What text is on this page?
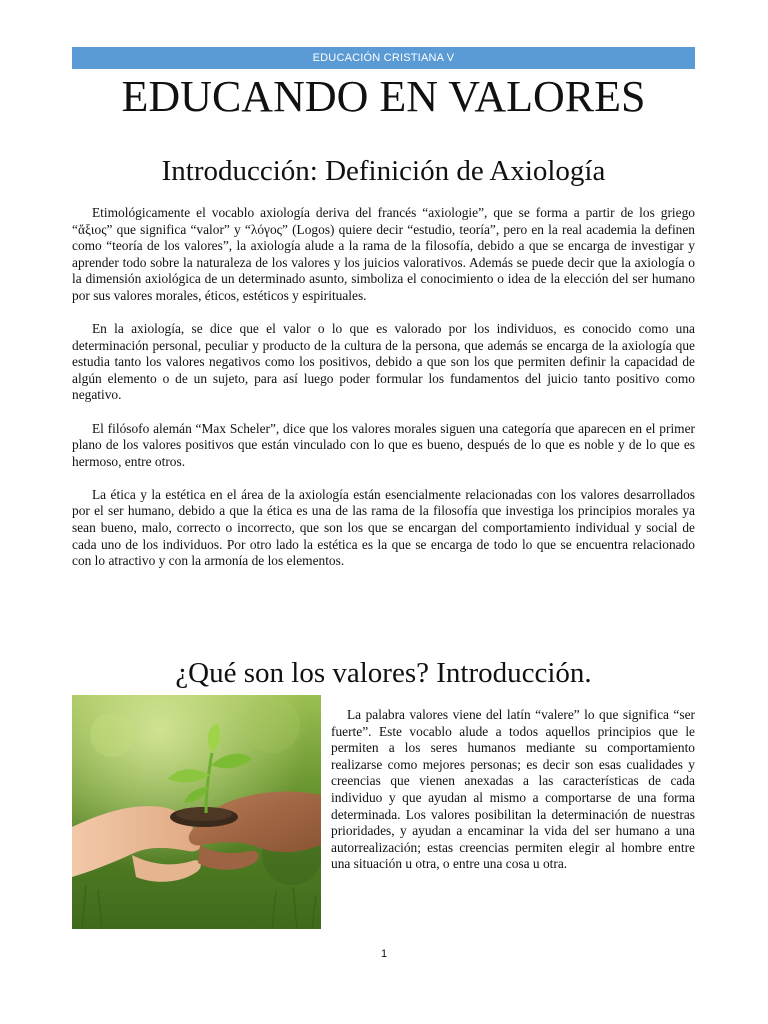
EDUCACIÓN CRISTIANA V
EDUCANDO EN VALORES
Introducción: Definición de Axiología

Etimológicamente el vocablo axiología deriva del francés “axiologie”, que se forma a partir de los griego “ἄξιος” que significa “valor” y “λόγος” (Logos) quiere decir “estudio, teoría”, pero en la real academia la definen como “teoría de los valores”, la axiología alude a la rama de la filosofía, debido a que se encarga de investigar y aprender todo sobre la naturaleza de los valores y los juicios valorativos. Además se puede decir que la axiología o la dimensión axiológica de un determinado asunto, simboliza el conocimiento o idea de la elección del ser humano por sus valores morales, éticos, estéticos y espirituales.

En la axiología, se dice que el valor o lo que es valorado por los individuos, es conocido como una determinación personal, peculiar y producto de la cultura de la persona, que además se encarga de la axiología que estudia tanto los valores negativos como los positivos, debido a que son los que permiten definir la capacidad de algún elemento o de un sujeto, para así luego poder formular los fundamentos del juicio tanto positivo como negativo.

El filósofo alemán “Max Scheler”, dice que los valores morales siguen una categoría que aparecen en el primer plano de los valores positivos que están vinculado con lo que es bueno, después de lo que es noble y de lo que es hermoso, entre otros.

La ética y la estética en el área de la axiología están esencialmente relacionadas con los valores desarrollados por el ser humano, debido a que la ética es una de las rama de la filosofía que investiga los principios morales ya sean bueno, malo, correcto o incorrecto, que son los que se encargan del comportamiento individual y social de cada uno de los individuos. Por otro lado la estética es la que se encarga de todo lo que se encuentra relacionado con lo atractivo y con la armonía de los elementos.

¿Qué son los valores? Introducción.

La palabra valores viene del latín “valere” lo que significa “ser fuerte”. Este vocablo alude a todos aquellos principios que le permiten a los seres humanos mediante su comportamiento realizarse como mejores personas; es decir son esas cualidades y creencias que vienen anexadas a las características de cada individuo y que ayudan al mismo a comportarse de una forma determinada. Los valores posibilitan la determinación de nuestras prioridades, y ayudan a encaminar la vida del ser humano a una autorrealización; estas creencias permiten elegir al hombre entre una situación u otra, o entre una cosa u otra.

1
